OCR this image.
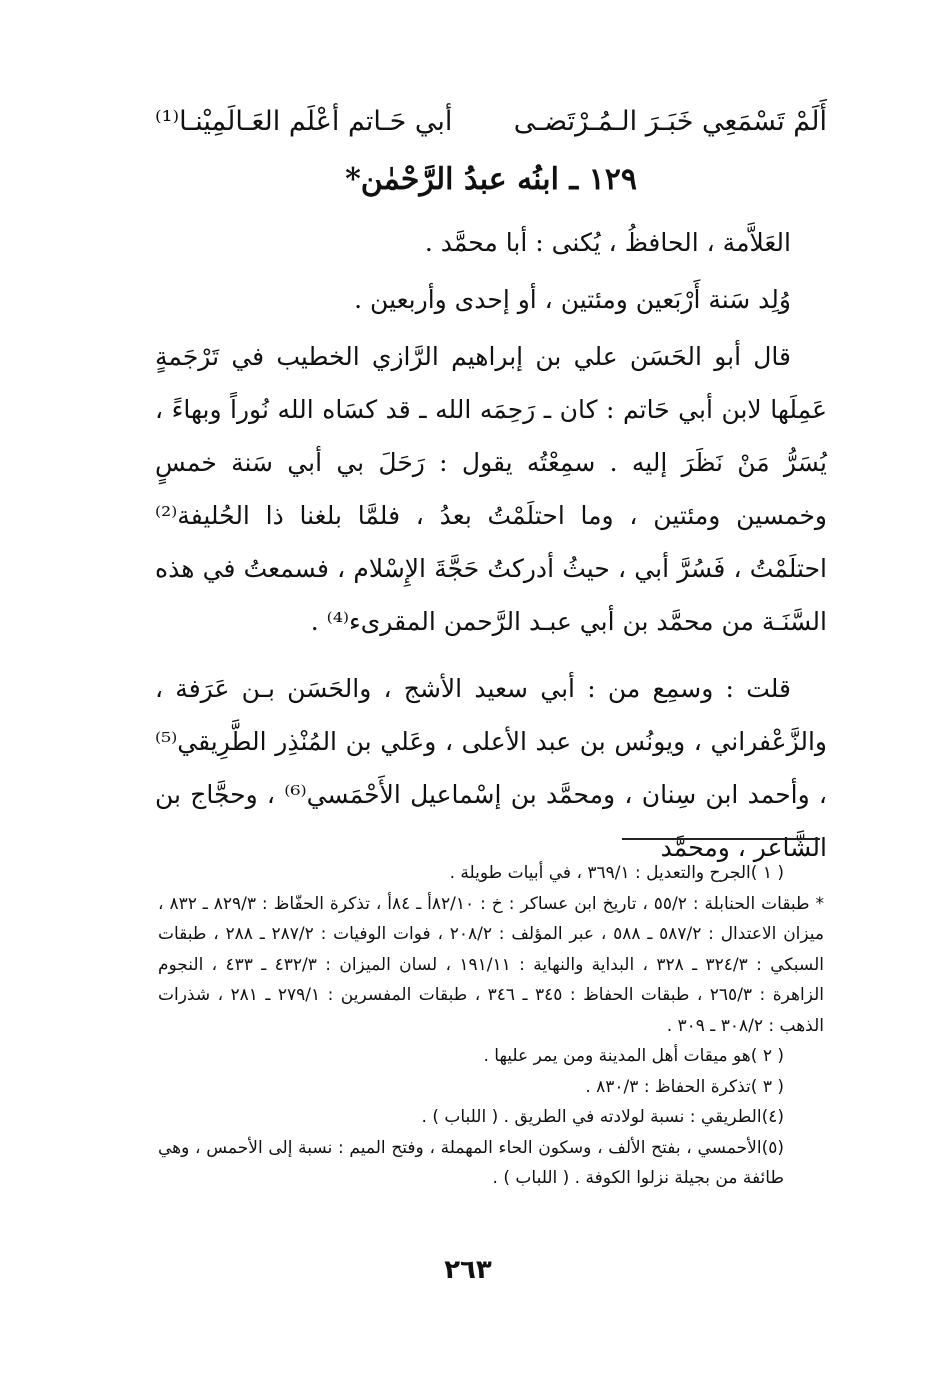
أَلَمْ تَسْمَعِي خَبَـرَ الـمُـرْتَضـى
أبي حَـاتم أعْلَم العَـالَمِيْنـا⁽¹⁾
١٢٩ ـ ابنُه عبدُ الرَّحْمٰن*

العَلاَّمة ، الحافظُ ، يُكنى : أبا محمَّد .

وُلِد سَنة أَرْبَعين ومئتين ، أو إحدى وأربعين .

قال أبو الحَسَن علي بن إبراهيم الرَّازي الخطيب في تَرْجَمةٍ عَمِلَها لابن أبي حَاتم : كان ـ رَحِمَه الله ـ قد كسَاه الله نُوراً وبهاءً ، يُسَرُّ مَنْ نَظَرَ إليه . سمِعْتُه يقول : رَحَلَ بي أبي سَنة خمسٍ وخمسين ومئتين ، وما احتلَمْتُ بعدُ ، فلمَّا بلغنا ذا الحُليفة⁽²⁾ احتلَمْتُ ، فَسُرَّ أبي ، حيثُ أدركتُ حَجَّةَ الإِسْلام ، فسمعتُ في هذه السَّنَـة من محمَّد بن أبي عبـد الرَّحمن المقرىء⁽⁴⁾ .

قلت : وسمِع من : أبي سعيد الأشج ، والحَسَن بـن عَرَفة ، والزَّعْفراني ، ويونُس بن عبد الأعلى ، وعَلي بن المُنْذِر الطَّرِيقي⁽⁵⁾ ، وأحمد ابن سِنان ، ومحمَّد بن إسْماعيل الأَحْمَسي⁽⁶⁾ ، وحجَّاج بن الشَّاعر ، ومحمَّد

( ١ )الجرح والتعديل : ٣٦٩/١ ، في أبيات طويلة .

* طبقات الحنابلة : ٥٥/٢ ، تاريخ ابن عساكر : خ : ٨٢/١٠أ ـ ٨٤أ ، تذكرة الحفّاظ : ٨٢٩/٣ ـ ٨٣٢ ، ميزان الاعتدال : ٥٨٧/٢ ـ ٥٨٨ ، عبر المؤلف : ٢٠٨/٢ ، فوات الوفيات : ٢٨٧/٢ ـ ٢٨٨ ، طبقات السبكي : ٣٢٤/٣ ـ ٣٢٨ ، البداية والنهاية : ١٩١/١١ ، لسان الميزان : ٤٣٢/٣ ـ ٤٣٣ ، النجوم الزاهرة : ٢٦٥/٣ ، طبقات الحفاظ : ٣٤٥ ـ ٣٤٦ ، طبقات المفسرين : ٢٧٩/١ ـ ٢٨١ ، شذرات الذهب : ٣٠٨/٢ ـ ٣٠٩ .

( ٢ )هو ميقات أهل المدينة ومن يمر عليها .

( ٣ )تذكرة الحفاظ : ٨٣٠/٣ .

(٤)الطريقي : نسبة لولادته في الطريق . ( اللباب ) .

(٥)الأحمسي ، بفتح الألف ، وسكون الحاء المهملة ، وفتح الميم : نسبة إلى الأحمس ، وهي طائفة من بجيلة نزلوا الكوفة . ( اللباب ) .

٢٦٣
